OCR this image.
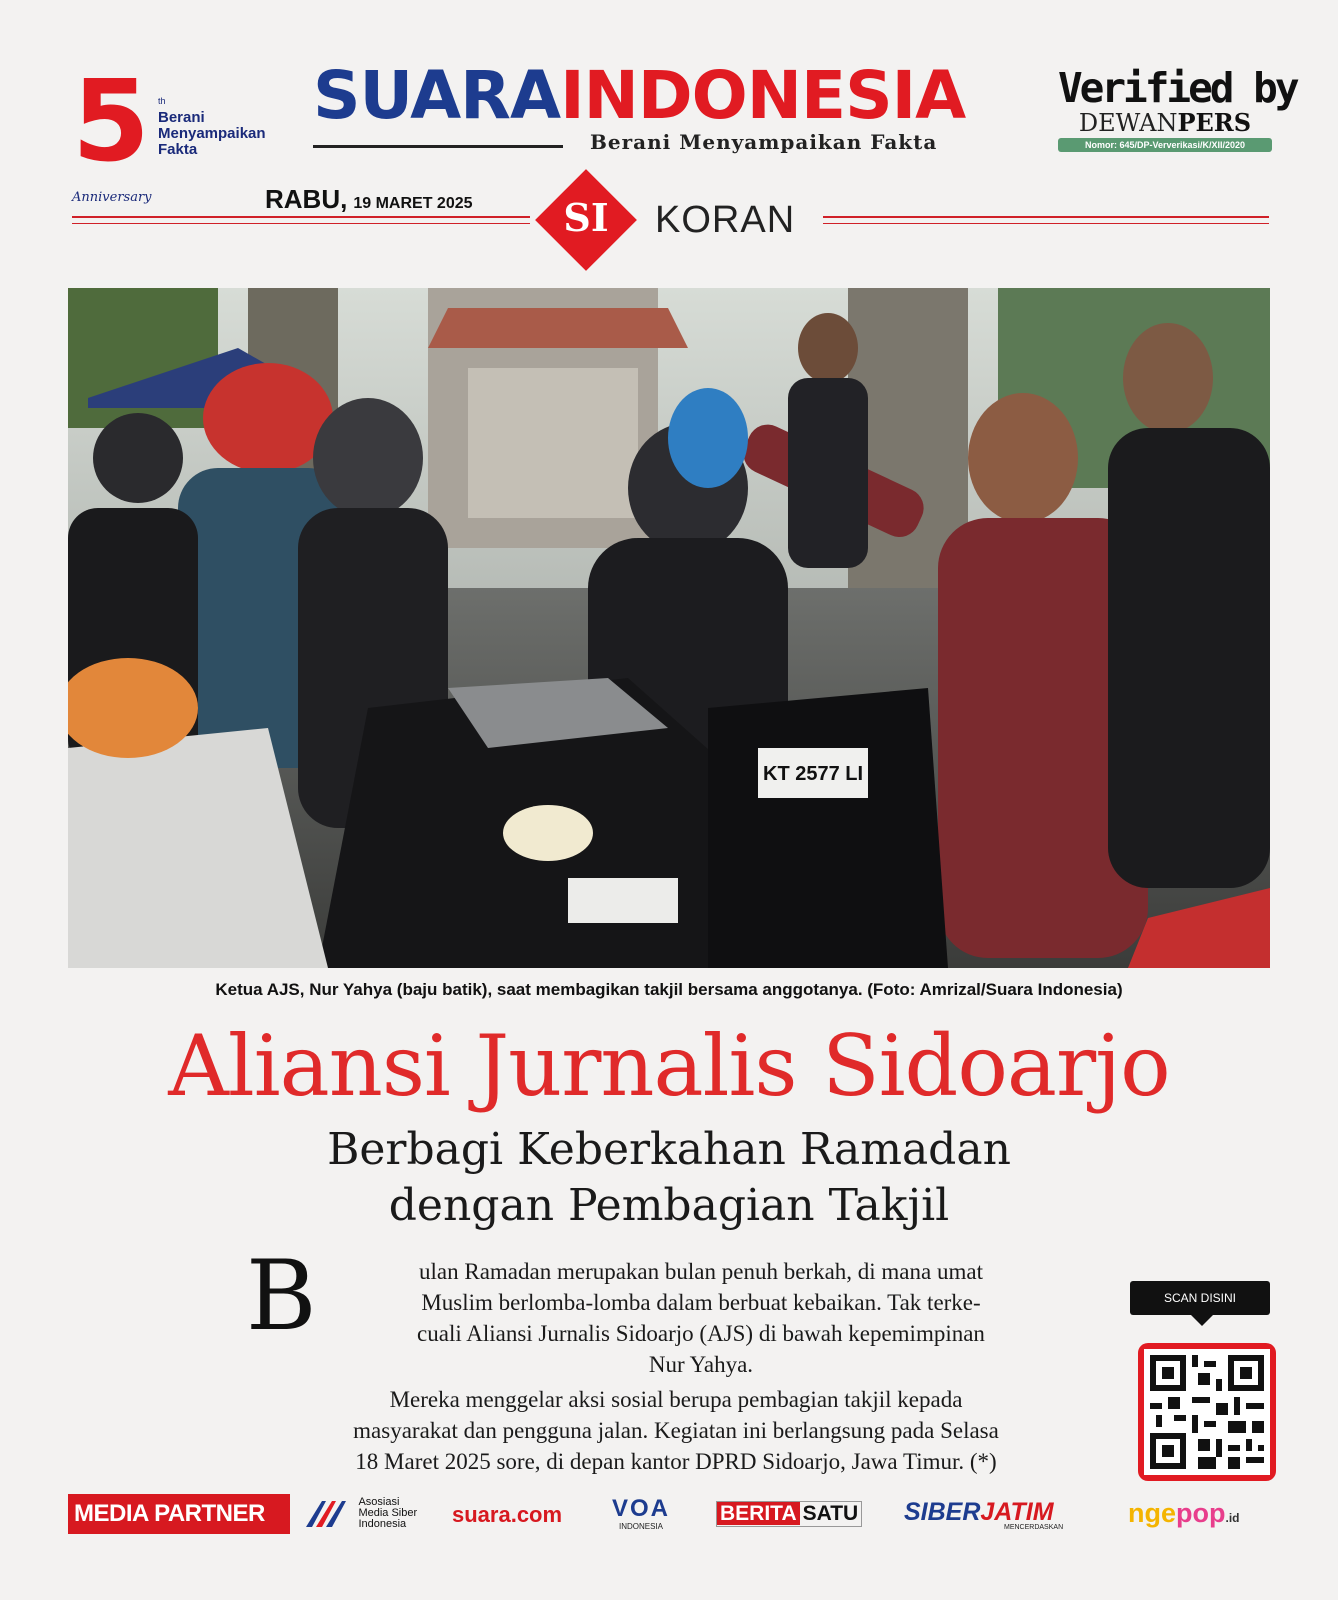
5 th
Berani
Menyampaikan
Fakta
Anniversary
SUARAINDONESIA
Berani Menyampaikan Fakta
Verified by
DEWANPERS
Nomor: 645/DP-Ververikasi/K/XII/2020
RABU, 19 MARET 2025	SI	KORAN
KT 2577 LI
Ketua AJS, Nur Yahya (baju batik), saat membagikan takjil bersama anggotanya. (Foto: Amrizal/Suara Indonesia)
Aliansi Jurnalis Sidoarjo
Berbagi Keberkahan Ramadan
dengan Pembagian Takjil
B	ulan Ramadan merupakan bulan penuh berkah, di mana umat
Muslim berlomba-lomba dalam berbuat kebaikan. Tak terke-
cuali Aliansi Jurnalis Sidoarjo (AJS) di bawah kepemimpinan
Nur Yahya.
Mereka menggelar aksi sosial berupa pembagian takjil kepada
masyarakat dan pengguna jalan. Kegiatan ini berlangsung pada Selasa
18 Maret 2025 sore, di depan kantor DPRD Sidoarjo, Jawa Timur. (*)
SCAN DISINI
MEDIA PARTNER
	Asosiasi
Media Siber
Indonesia	suara.com VOA
INDONESIA
BERITA SATU SIBERJATIM
MENCERDASKAN ngepop.id
